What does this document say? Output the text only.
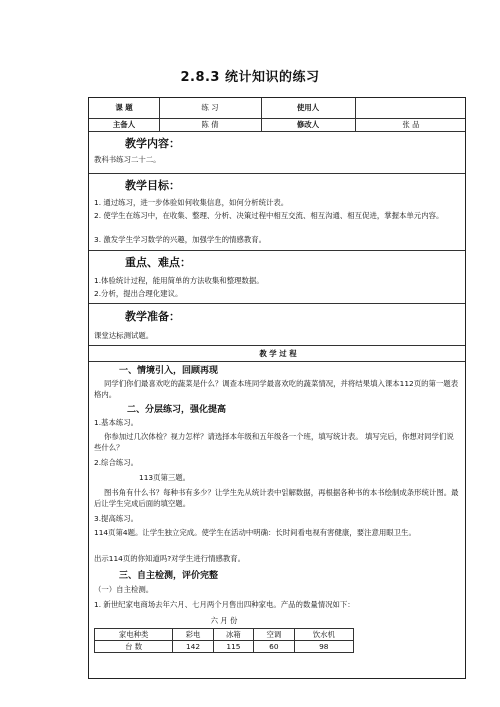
2.8.3 统计知识的练习
课 题	练 习	使用人
主备人	陈 倩	修改人	张 品
教学内容：
教科书练习二十二。
教学目标：
1. 通过练习，进一步体验如何收集信息，如何分析统计表。
2. 使学生在练习中，在收集、整理、分析、决策过程中相互交流、相互沟通、相互促进，掌握本单元内容。
3. 激发学生学习数学的兴趣，加强学生的情感教育。
重点、难点：
1.体验统计过程，能用简单的方法收集和整理数据。
2.分析，提出合理化建议。
教学准备：
课堂达标测试题。
教 学 过 程
一、情境引入，回顾再现
同学们你们最喜欢吃的蔬菜是什么？调查本班同学最喜欢吃的蔬菜情况，并将结果填入课本112页的第一题表格内。
二、分层练习，强化提高
1.基本练习。
你参加过几次体检？视力怎样？请选择本年级和五年级各一个班，填写统计表。 填写完后，你想对同学们说些什么？
2.综合练习。
113页第三题。
图书角有什么书？每种书有多少？让学生先从统计表中읽解数据，再根据各种书的本书绘制成条形统计图。最后让学生完成后面的填空题。
3.提高练习。
114页第4题。让学生独立完成。使学生在活动中明确：长时间看电视有害健康，要注意用眼卫生。
出示114页的你知道吗?对学生进行情感教育。
三、自主检测，评价完整
（一）自主检测。
1. 新世纪家电商场去年六月、七月两个月售出四种家电。产品的数量情况如下：
六 月 份
家电种类	彩电	冰箱	空调	饮水机
台 数	142	115	60	98
